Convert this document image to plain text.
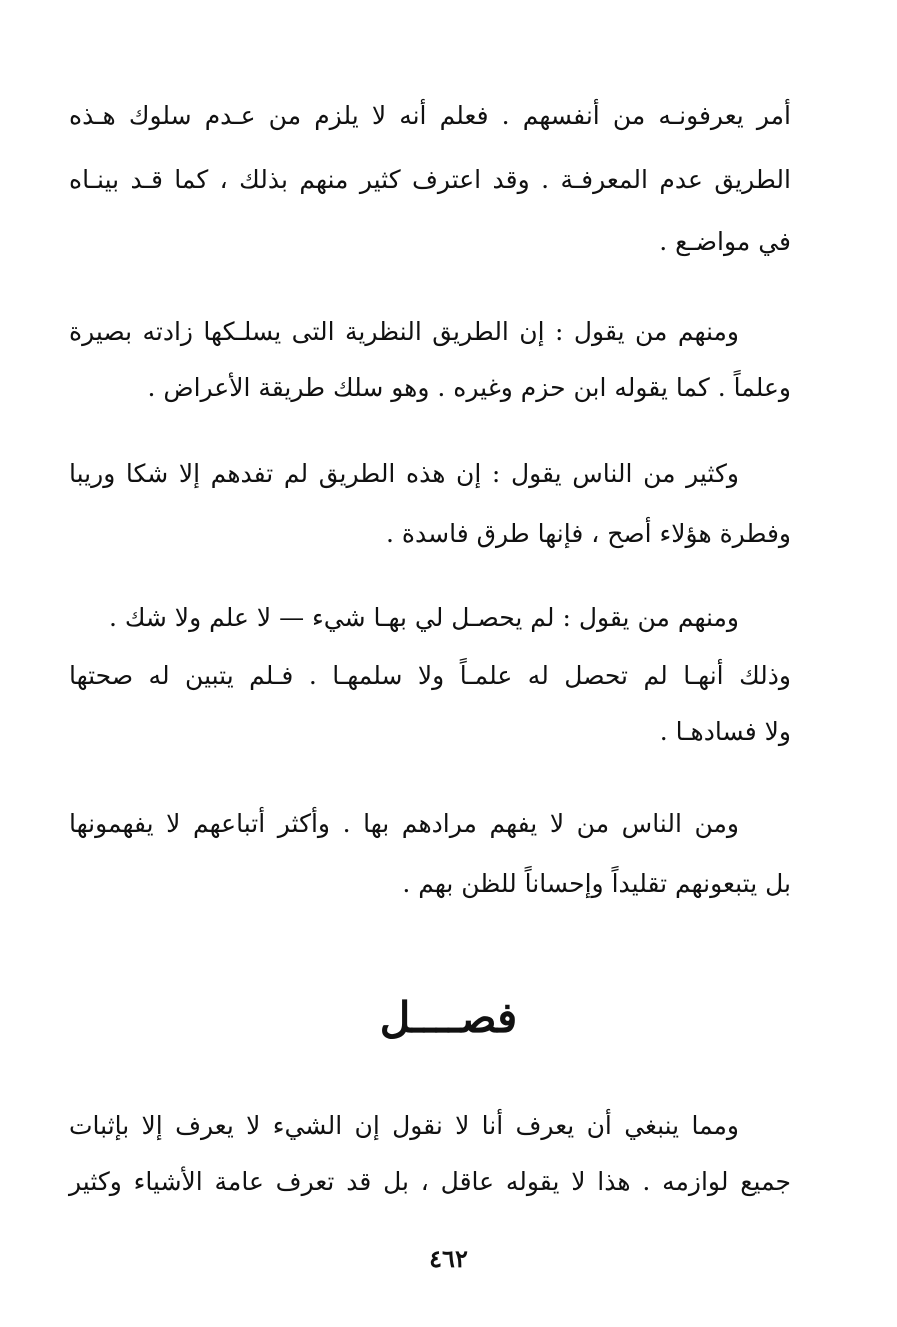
أمر يعرفونـه من أنفسهم . فعلم أنه لا يلزم من عـدم سلوك هـذه
الطريق عدم المعرفـة . وقد اعترف كثير منهم بذلك ، كما قـد بينـاه
في مواضـع .
ومنهم من يقول : إن الطريق النظرية التى يسلـكها زادته بصيرة
وعلماً . كما يقوله ابن حزم وغيره . وهو سلك طريقة الأعراض .
وكثير من الناس يقول : إن هذه الطريق لم تفدهم إلا شكا وريبا
وفطرة هؤلاء أصح ، فإنها طرق فاسدة .
ومنهم من يقول : لم يحصـل لي بهـا شيء — لا علم ولا شك .
وذلك أنهـا لم تحصل له علمـاً ولا سلمهـا . فـلم يتبين له صحتها
ولا فسادهـا .
ومن الناس من لا يفهم مرادهم بها . وأكثر أتباعهم لا يفهمونها
بل يتبعونهم تقليداً وإحساناً للظن بهم .
فصــــل
ومما ينبغي أن يعرف أنا لا نقول إن الشيء لا يعرف إلا بإثبات
جميع لوازمه . هذا لا يقوله عاقل ، بل قد تعرف عامة الأشياء وكثير
٤٦٢
